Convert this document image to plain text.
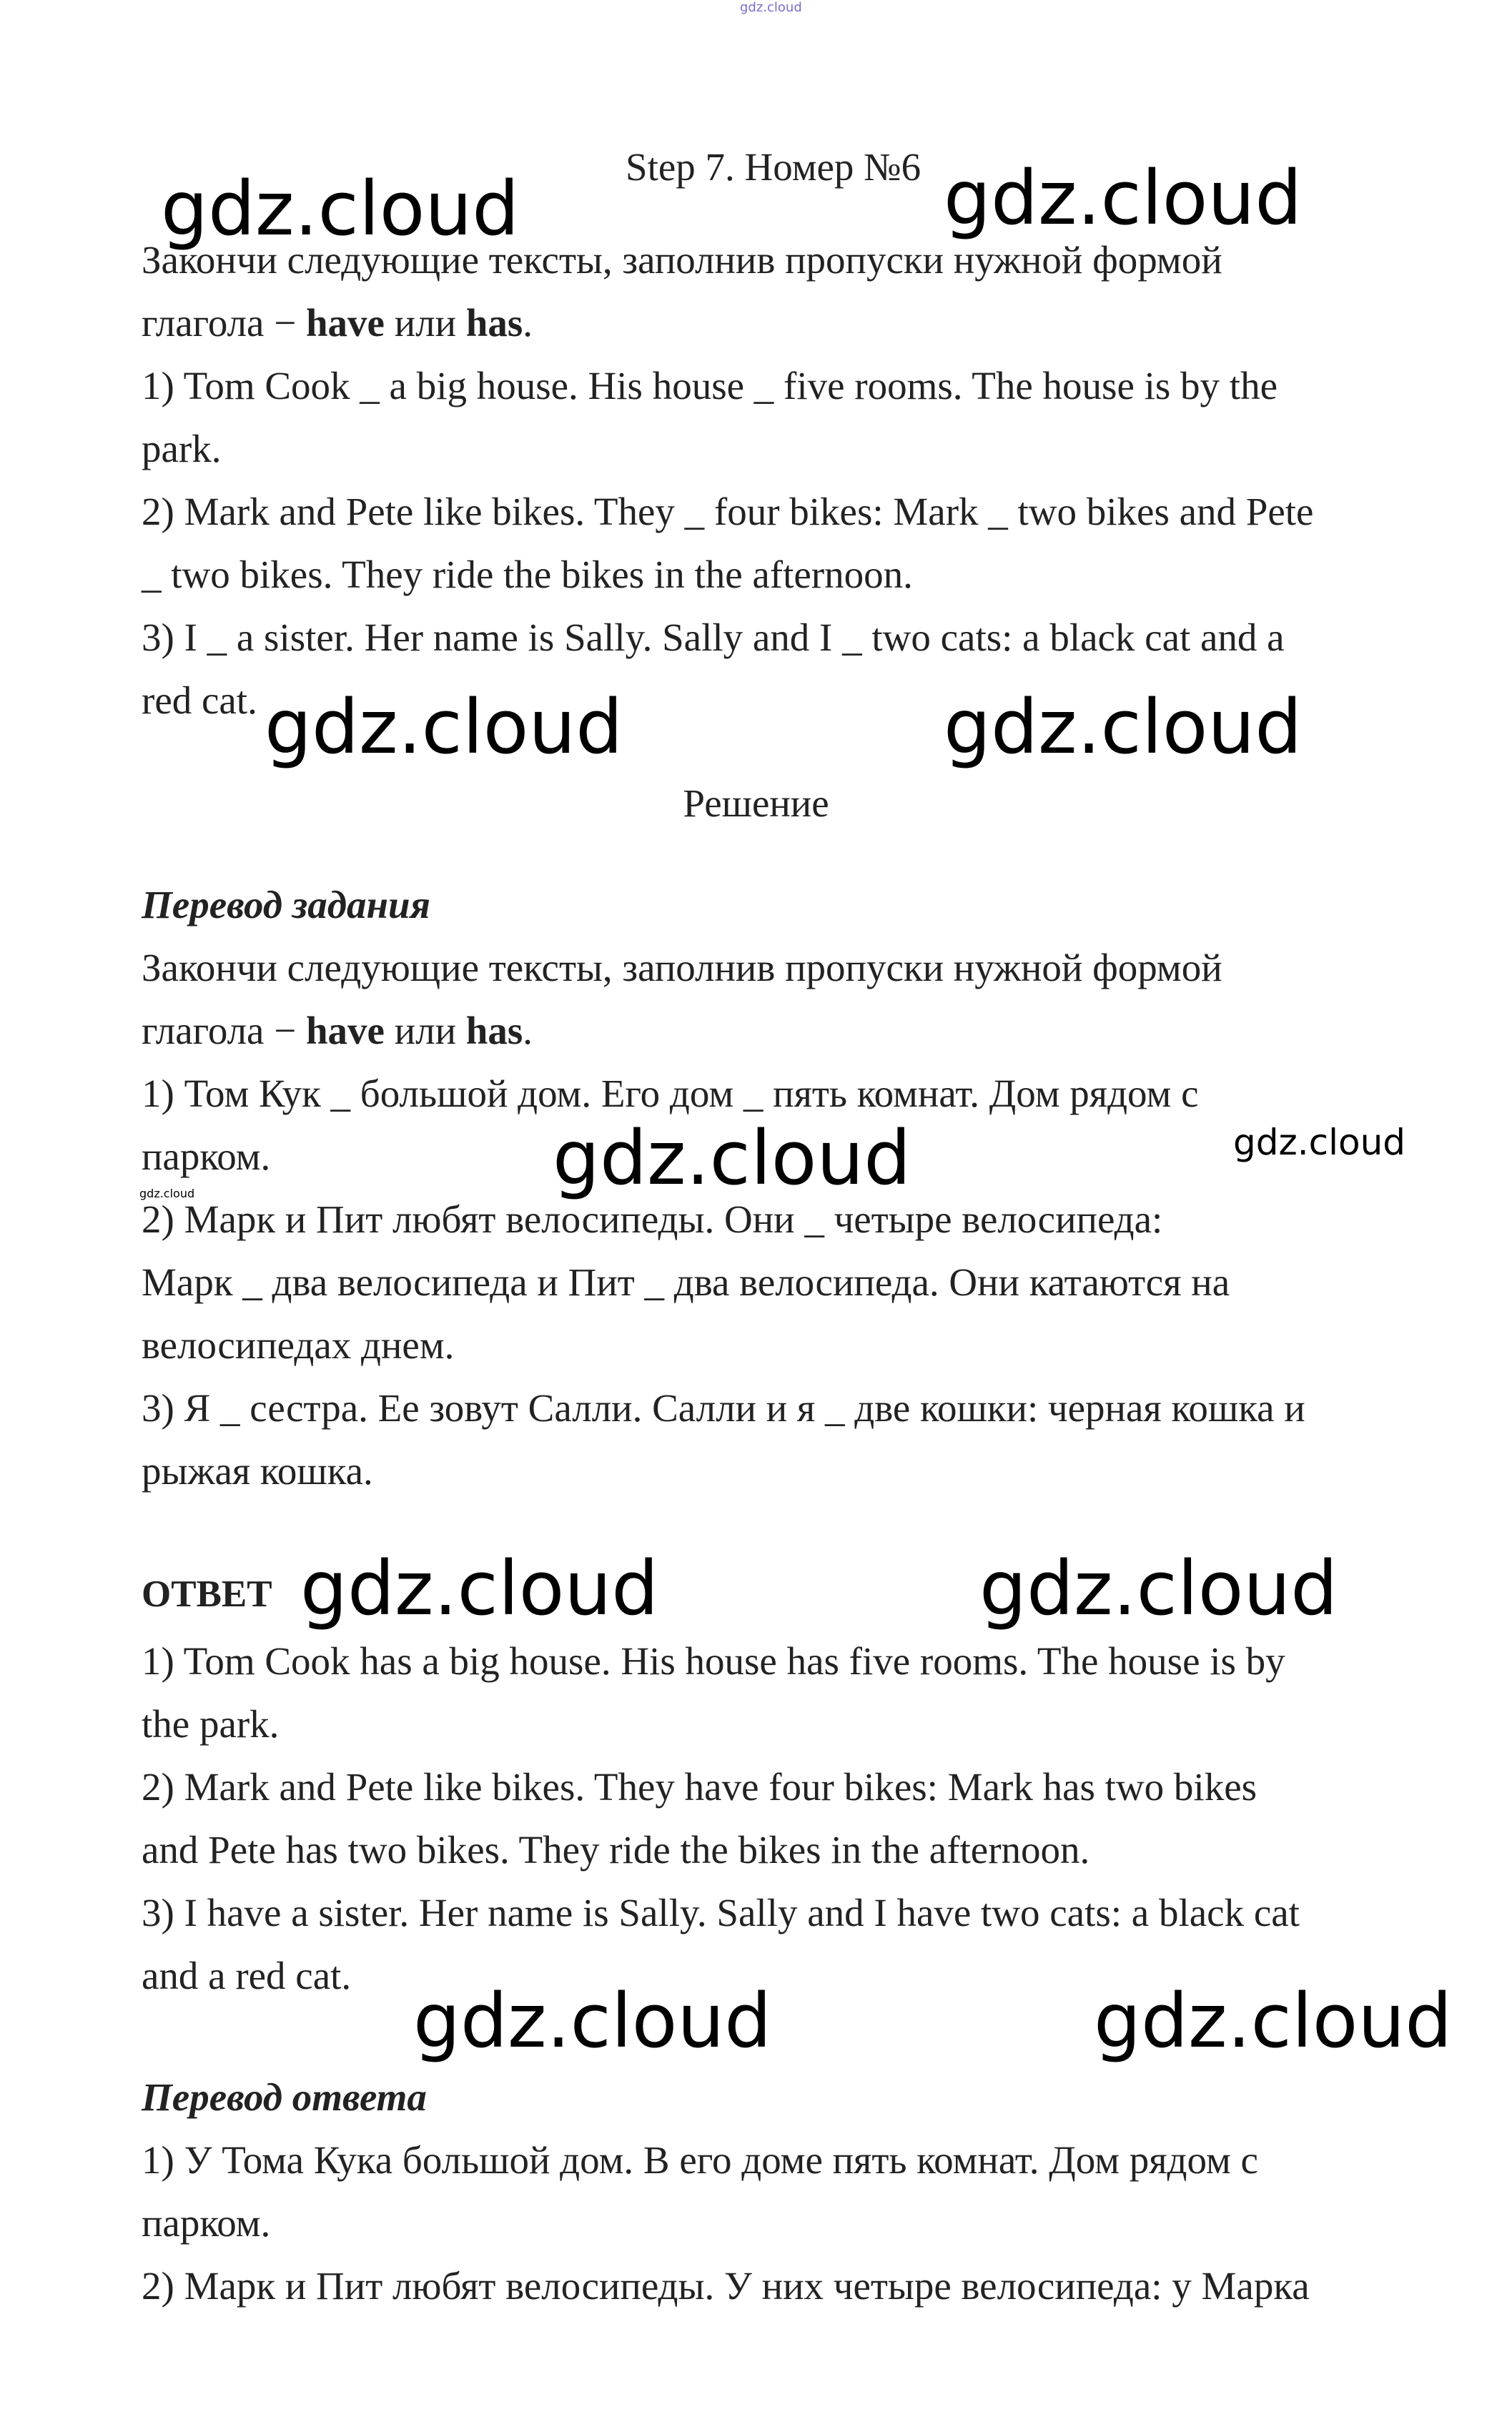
gdz.cloud

Step 7. Номер №6

Закончи следующие тексты, заполнив пропуски нужной формой

глагола − have или has.

1) Tom Cook _ a big house. His house _ five rooms. The house is by the

park.

2) Mark and Pete like bikes. They _ four bikes: Mark _ two bikes and Pete

_ two bikes. They ride the bikes in the afternoon.

3) I _ a sister. Her name is Sally. Sally and I _ two cats: a black cat and a

red cat.

Решение

Перевод задания

Закончи следующие тексты, заполнив пропуски нужной формой

глагола − have или has.

1) Том Кук _ большой дом. Его дом _ пять комнат. Дом рядом с

парком.

2) Марк и Пит любят велосипеды. Они _ четыре велосипеда:

Марк _ два велосипеда и Пит _ два велосипеда. Они катаются на

велосипедах днем.

3) Я _ сестра. Ее зовут Салли. Салли и я _ две кошки: черная кошка и

рыжая кошка.

ОТВЕТ

1) Tom Cook has a big house. His house has five rooms. The house is by

the park.

2) Mark and Pete like bikes. They have four bikes: Mark has two bikes

and Pete has two bikes. They ride the bikes in the afternoon.

3) I have a sister. Her name is Sally. Sally and I have two cats: a black cat

and a red cat.

Перевод ответа

1) У Тома Кука большой дом. В его доме пять комнат. Дом рядом с

парком.

2) Марк и Пит любят велосипеды. У них четыре велосипеда: у Марка

gdz.cloud	gdz.cloud
gdz.cloud	gdz.cloud
gdz.cloud	gdz.cloud
gdz.cloud
gdz.cloud	gdz.cloud
gdz.cloud	gdz.cloud
